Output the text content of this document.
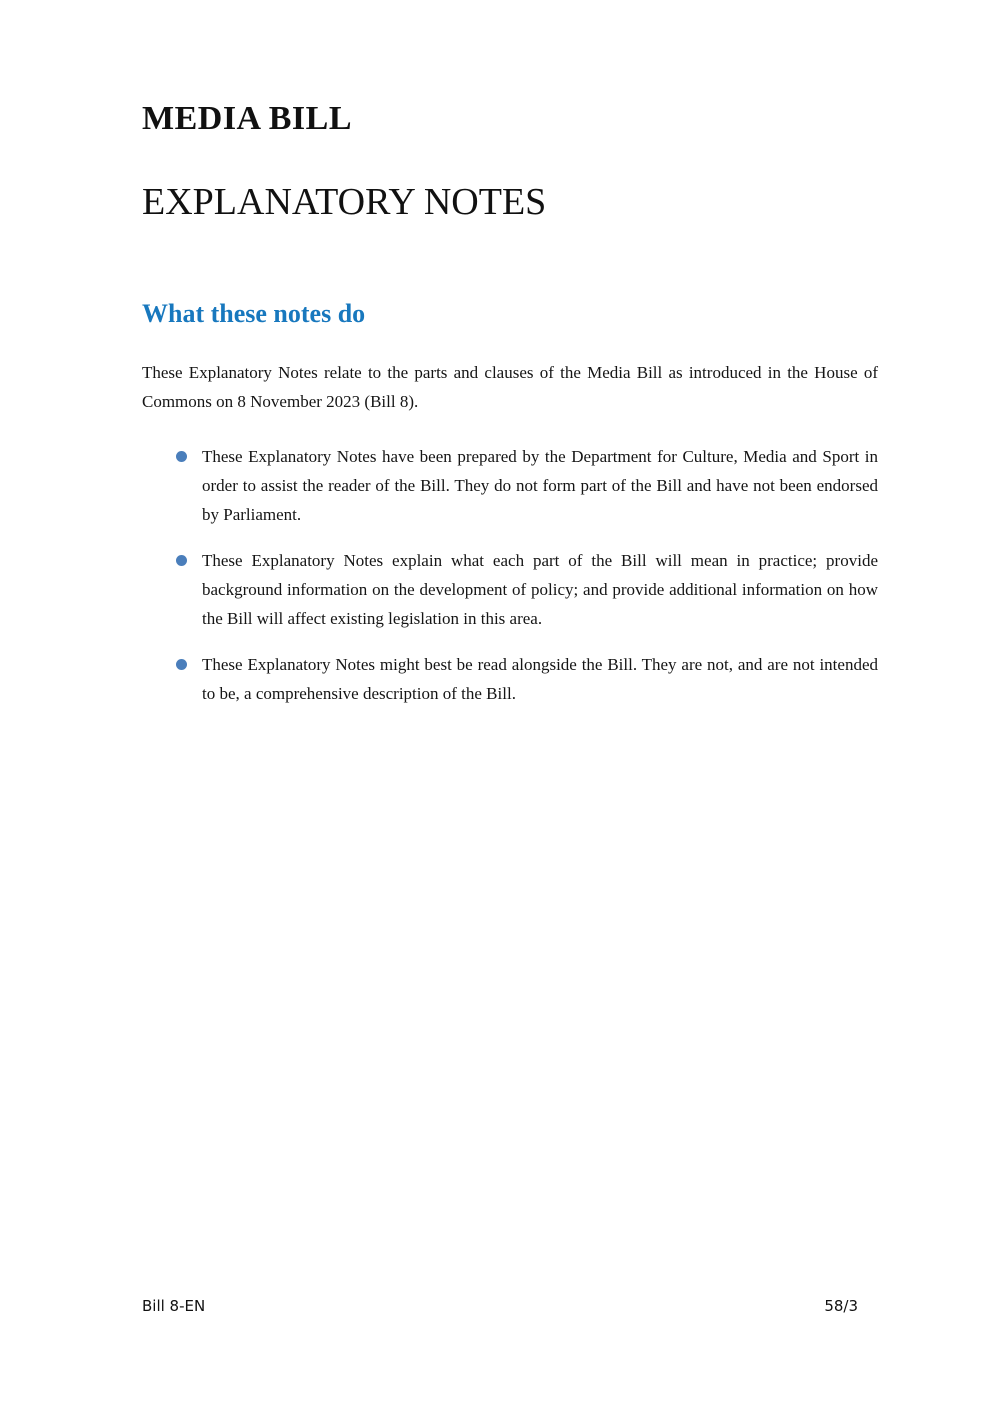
MEDIA BILL
EXPLANATORY NOTES
What these notes do

These Explanatory Notes relate to the parts and clauses of the Media Bill as introduced in the House of Commons on 8 November 2023 (Bill 8).

These Explanatory Notes have been prepared by the Department for Culture, Media and Sport in order to assist the reader of the Bill. They do not form part of the Bill and have not been endorsed by Parliament.
These Explanatory Notes explain what each part of the Bill will mean in practice; provide background information on the development of policy; and provide additional information on how the Bill will affect existing legislation in this area.
These Explanatory Notes might best be read alongside the Bill. They are not, and are not intended to be, a comprehensive description of the Bill.
Bill 8-EN	58/3
